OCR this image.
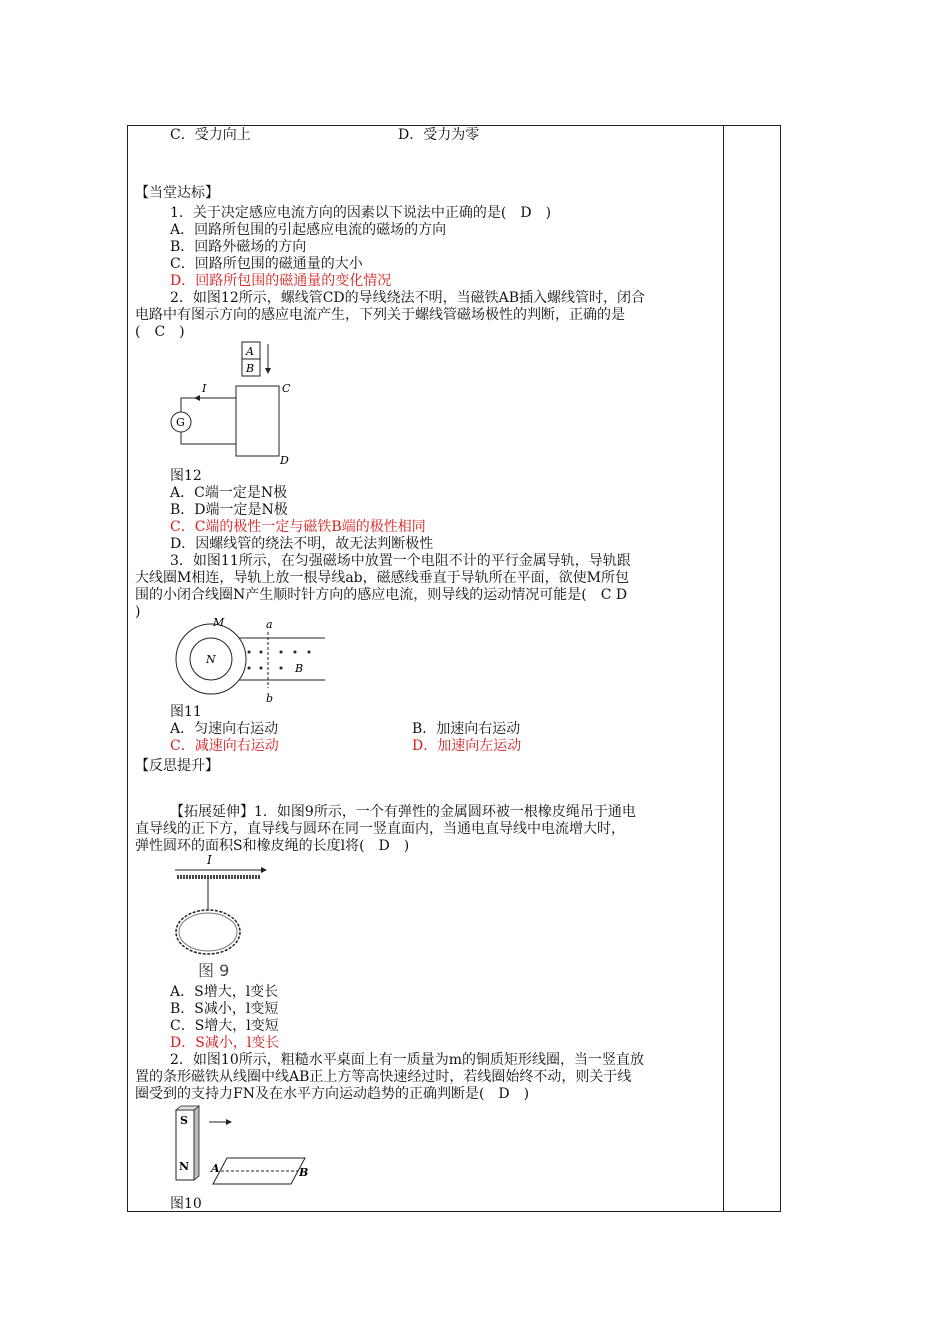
C．受力向上	D．受力为零
【当堂达标】
1．关于决定感应电流方向的因素以下说法中正确的是(　D　)
A．回路所包围的引起感应电流的磁场的方向
B．回路外磁场的方向
C．回路所包围的磁通量的大小
D．回路所包围的磁通量的变化情况
2．如图12所示，螺线管CD的导线绕法不明，当磁铁AB插入螺线管时，闭合
电路中有图示方向的感应电流产生，下列关于螺线管磁场极性的判断，正确的是
(　C　)
A
B
C
D
I
G
图12
A．C端一定是N极
B．D端一定是N极
C．C端的极性一定与磁铁B端的极性相同
D．因螺线管的绕法不明，故无法判断极性
3．如图11所示，在匀强磁场中放置一个电阻不计的平行金属导轨，导轨跟
大线圈M相连，导轨上放一根导线ab，磁感线垂直于导轨所在平面，欲使M所包
围的小闭合线圈N产生顺时针方向的感应电流，则导线的运动情况可能是(　C D
)
M
N
a
b
B
图11
A．匀速向右运动	B．加速向右运动
C．减速向右运动	D．加速向左运动
【反思提升】
【拓展延伸】1．如图9所示，一个有弹性的金属圆环被一根橡皮绳吊于通电
直导线的正下方，直导线与圆环在同一竖直面内，当通电直导线中电流增大时，
弹性圆环的面积S和橡皮绳的长度l将(　D　)
I
图 9
A．S增大，l变长
B．S减小，l变短
C．S增大，l变短
D．S减小，l变长
2．如图10所示，粗糙水平桌面上有一质量为m的铜质矩形线圈，当一竖直放
置的条形磁铁从线圈中线AB正上方等高快速经过时，若线圈始终不动，则关于线
圈受到的支持力FN及在水平方向运动趋势的正确判断是(　D　)
S
N A	B
图10
